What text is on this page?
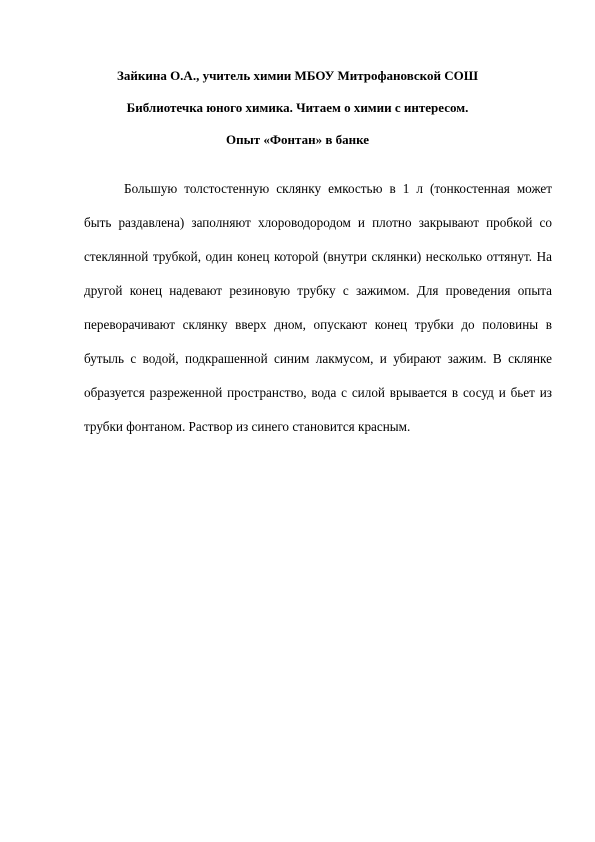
Зайкина О.А., учитель химии МБОУ Митрофановской СОШ
Библиотечка юного химика. Читаем о химии с интересом.
Опыт «Фонтан» в банке

Большую толстостенную склянку емкостью в 1 л (тонкостенная может быть раздавлена) заполняют хлороводородом и плотно закрывают пробкой со стеклянной трубкой, один конец которой (внутри склянки) несколько оттянут. На другой конец надевают резиновую трубку с зажимом. Для проведения опыта переворачивают склянку вверх дном, опускают конец трубки до половины в бутыль с водой, подкрашенной синим лакмусом, и убирают зажим. В склянке образуется разреженной пространство, вода с силой врывается в сосуд и бьет из трубки фонтаном. Раствор из синего становится красным.
